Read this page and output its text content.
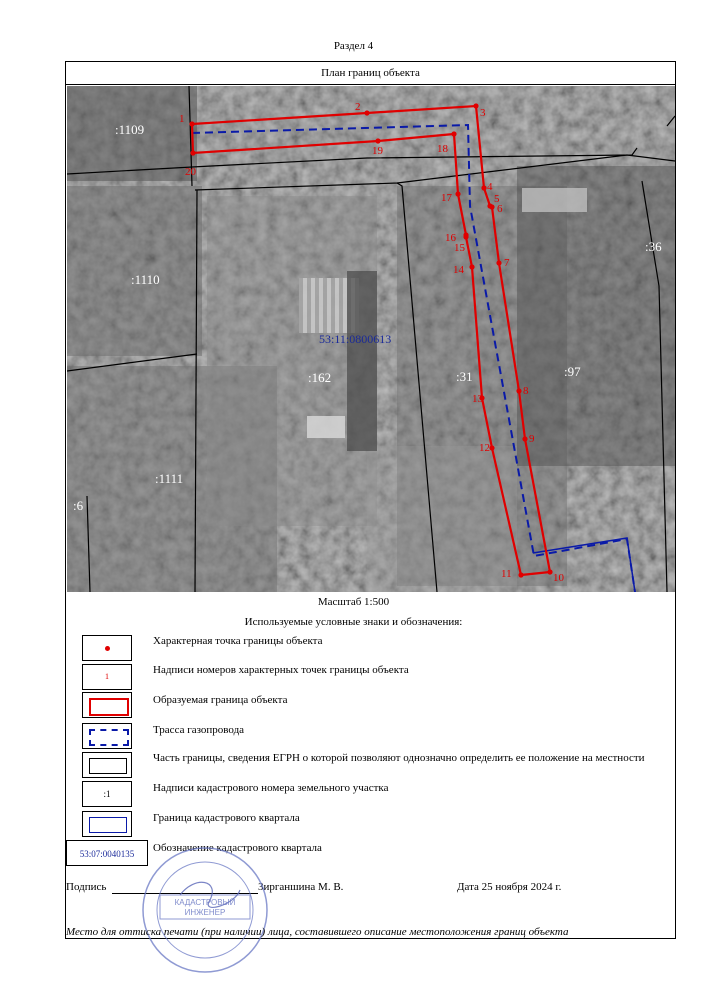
Раздел 4
План границ объекта
1
2	3
4
5
6
7
8
9
10
11
12
13
14
15
16
17
18
19
20
:1109
:1110
:1111
:162	:31	:97
:36
:6
53:11:0800613
Масштаб 1:500
Используемые условные знаки и обозначения:
Характерная точка границы объекта
1
Надписи номеров характерных точек границы объекта
Образуемая граница объекта
Трасса газопровода
Часть границы, сведения ЕГРН о которой позволяют однозначно определить ее положение на местности
:1	Надписи кадастрового номера земельного участка
Граница кадастрового квартала
53:07:0040135	Обозначение кадастрового квартала
Подпись	Зирганшина М. В.	Дата 25 ноября 2024 г.
КАДАСТРОВЫЙ
ИНЖЕНЕР
Место для оттиска печати (при наличии) лица, составившего описание местоположения границ объекта
